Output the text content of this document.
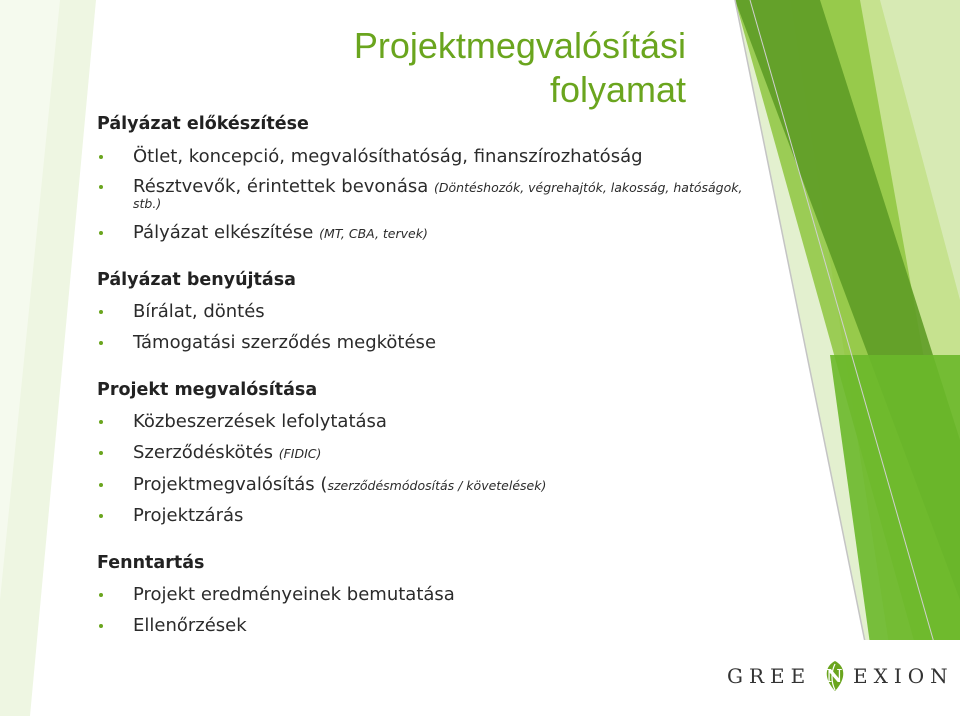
Projektmegvalósítási
folyamat
Pályázat előkészítése
Ötlet, koncepció, megvalósíthatóság, finanszírozhatóság
Résztvevők, érintettek bevonása (Döntéshozók, végrehajtók, lakosság, hatóságok,
stb.)
Pályázat elkészítése (MT, CBA, tervek)
Pályázat benyújtása
Bírálat, döntés
Támogatási szerződés megkötése
Projekt megvalósítása
Közbeszerzések lefolytatása
Szerződéskötés (FIDIC)
Projektmegvalósítás (szerződésmódosítás / követelések)
Projektzárás
Fenntartás
Projekt eredményeinek bemutatása
Ellenőrzések
GREE N EXION
